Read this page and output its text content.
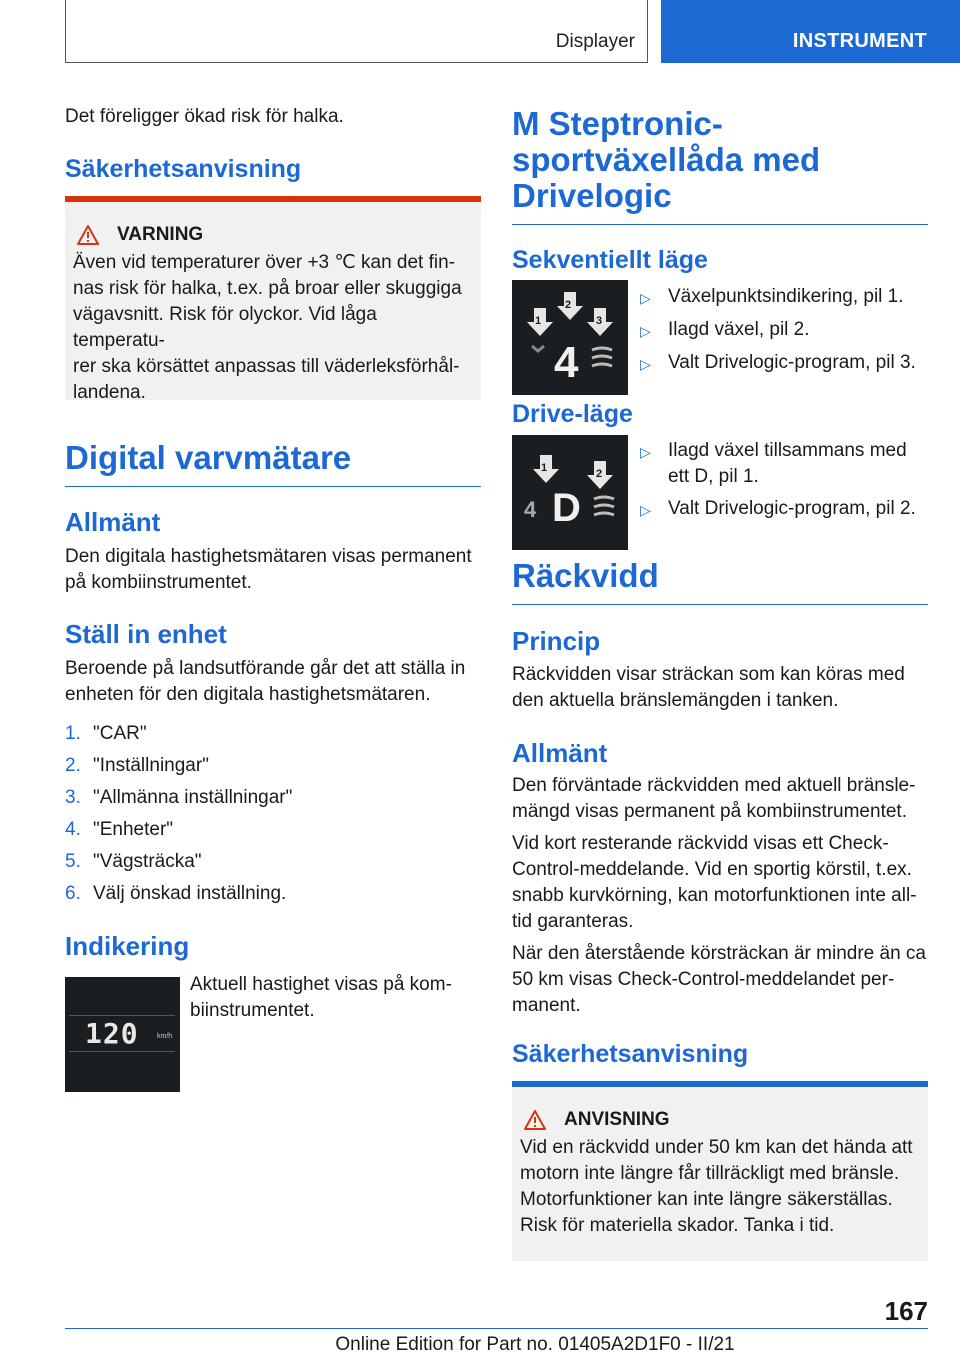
Displayer	INSTRUMENT

Det föreligger ökad risk för halka.

Säkerhetsanvisning
VARNING

Även vid temperaturer över +3 ℃ kan det fin-

nas risk för halka, t.ex. på broar eller skuggiga

vägavsnitt. Risk för olyckor. Vid låga temperatu-

rer ska körsättet anpassas till väderleksförhål-

landena.

Digital varvmätare
Allmänt

Den digitala hastighetsmätaren visas permanent

på kombiinstrumentet.

Ställ in enhet

Beroende på landsutförande går det att ställa in

enheten för den digitala hastighetsmätaren.

1. "CAR"
2. "Inställningar"
3. "Allmänna inställningar"
4. "Enheter"
5. "Vägsträcka"
6. Välj önskad inställning.
Indikering
120	km/h

Aktuell hastighet visas på kom-

biinstrumentet.

M Steptronic-
sportväxellåda med
Drivelogic
Sekventiellt läge
1
2
3
4
▷ Växelpunktsindikering, pil 1.
▷ Ilagd växel, pil 2.
▷ Valt Drivelogic-program, pil 3.
Drive-läge
1	2
4 D
▷ Ilagd växel tillsammans med
ett D, pil 1.
▷ Valt Drivelogic-program, pil 2.
Räckvidd
Princip

Räckvidden visar sträckan som kan köras med

den aktuella bränslemängden i tanken.

Allmänt

Den förväntade räckvidden med aktuell bränsle-

mängd visas permanent på kombiinstrumentet.

Vid kort resterande räckvidd visas ett Check-

Control-meddelande. Vid en sportig körstil, t.ex.

snabb kurvkörning, kan motorfunktionen inte all-

tid garanteras.

När den återstående körsträckan är mindre än ca

50 km visas Check-Control-meddelandet per-

manent.

Säkerhetsanvisning
ANVISNING

Vid en räckvidd under 50 km kan det hända att

motorn inte längre får tillräckligt med bränsle.

Motorfunktioner kan inte längre säkerställas.

Risk för materiella skador. Tanka i tid.

167
Online Edition for Part no. 01405A2D1F0 - II/21
